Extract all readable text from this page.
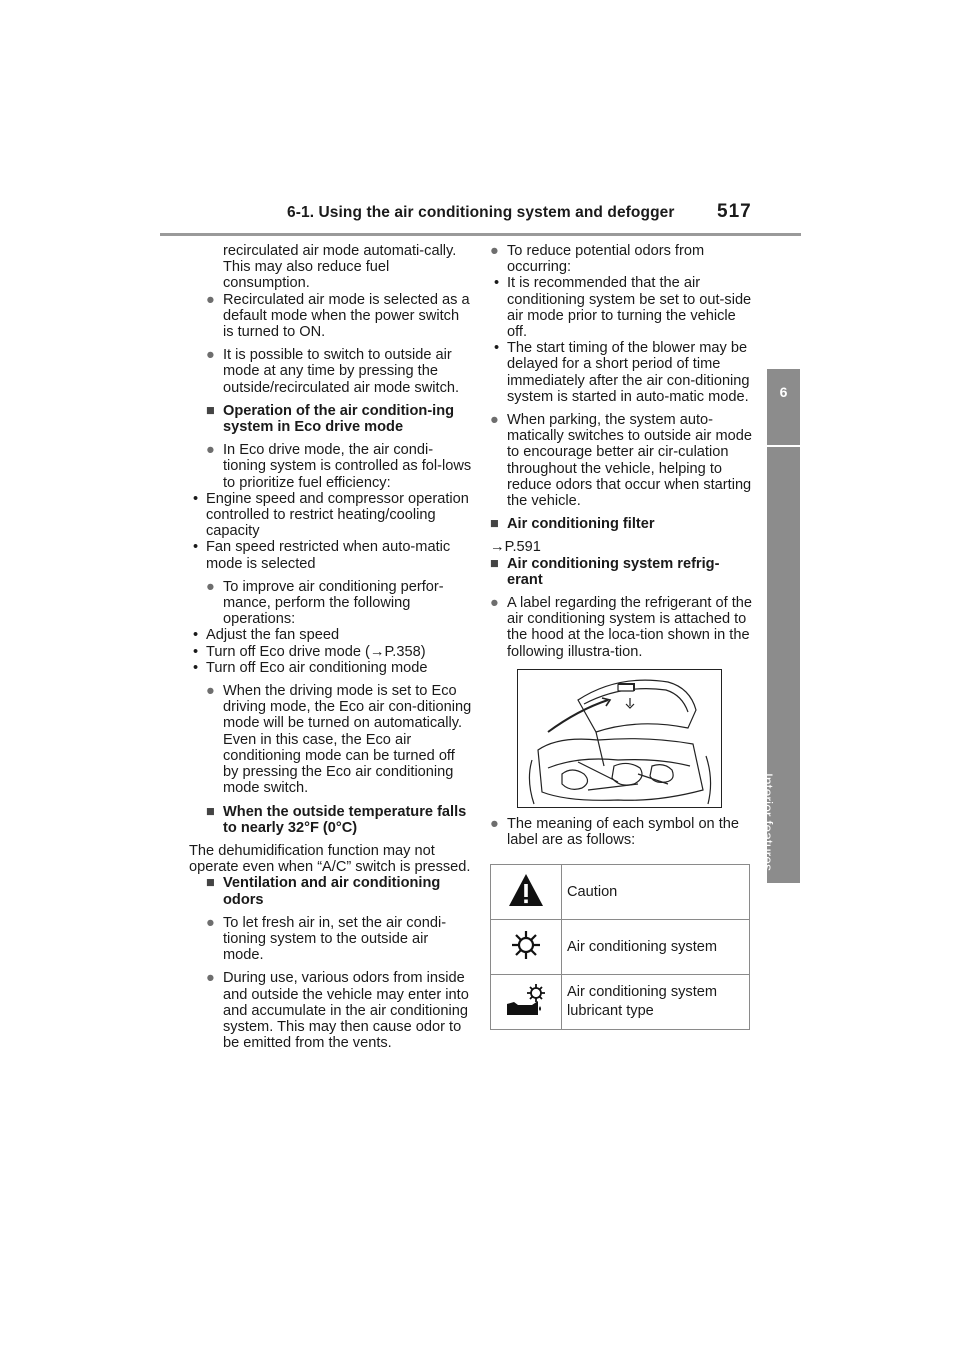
6-1. Using the air conditioning system and defogger 517
6
Interior features

recirculated air mode automati-cally. This may also reduce fuel consumption.

● Recirculated air mode is selected as a default mode when the power switch is turned to ON.
● It is possible to switch to outside air mode at any time by pressing the outside/recirculated air mode switch.
■ Operation of the air condition-ing system in Eco drive mode
● In Eco drive mode, the air condi-tioning system is controlled as fol-lows to prioritize fuel efficiency:
• Engine speed and compressor operation controlled to restrict heating/cooling capacity
• Fan speed restricted when auto-matic mode is selected
● To improve air conditioning perfor-mance, perform the following operations:
• Adjust the fan speed
• Turn off Eco drive mode (→P.358)
• Turn off Eco air conditioning mode
● When the driving mode is set to Eco driving mode, the Eco air con-ditioning mode will be turned on automatically. Even in this case, the Eco air conditioning mode can be turned off by pressing the Eco air conditioning mode switch.
■ When the outside temperature falls to nearly 32°F (0°C)

The dehumidification function may not operate even when “A/C” switch is pressed.

■ Ventilation and air conditioning odors
● To let fresh air in, set the air condi-tioning system to the outside air mode.
● During use, various odors from inside and outside the vehicle may enter into and accumulate in the air conditioning system. This may then cause odor to be emitted from the vents.
● To reduce potential odors from occurring:
• It is recommended that the air conditioning system be set to out-side air mode prior to turning the vehicle off.
• The start timing of the blower may be delayed for a short period of time immediately after the air con-ditioning system is started in auto-matic mode.
● When parking, the system auto-matically switches to outside air mode to encourage better air cir-culation throughout the vehicle, helping to reduce odors that occur when starting the vehicle.
■ Air conditioning filter

→P.591

■ Air conditioning system refrig-erant
● A label regarding the refrigerant of the air conditioning system is attached to the hood at the loca-tion shown in the following illustra-tion.
● The meaning of each symbol on the label are as follows:
	Caution
	Air conditioning system
	Air conditioning system lubricant type
